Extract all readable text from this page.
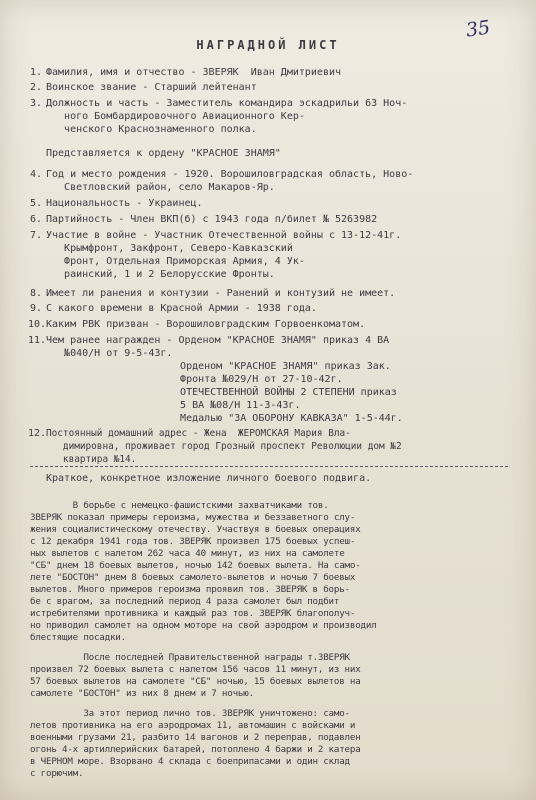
35
НАГРАДНОЙ ЛИСТ
1. Фамилия, имя и отчество - ЗВЕРЯК  Иван Дмитриевич
2. Воинское звание - Старший лейтенант
3. Должность и часть - Заместитель командира эскадрильи 63 Ноч-
ного Бомбардировочного Авиационного Кер-
ченского Краснознаменного полка.
Представляется к ордену "КРАСНОЕ ЗНАМЯ"
4. Год и место рождения - 1920. Ворошиловградская область, Ново-
Светловский район, село Макаров-Яр.
5. Национальность - Украинец.
6. Партийность - Член ВКП(б) с 1943 года п/билет № 5263982
7. Участие в войне - Участник Отечественной войны с 13-12-41г.
Крымфронт, Закфронт, Северо-Кавказский
Фронт, Отдельная Приморская Армия, 4 Ук-
раинский, 1 и 2 Белорусские Фронты.
8. Имеет ли ранения и контузии - Ранений и контузий не имеет.
9. С какого времени в Красной Армии - 1938 года.
10. Каким РВК призван - Ворошиловградским Горвоенкоматом.
11. Чем ранее награжден - Орденом "КРАСНОЕ ЗНАМЯ" приказ 4 ВА
№040/Н от 9-5-43г.
Орденом "КРАСНОЕ ЗНАМЯ" приказ Зак.
Фронта №029/Н от 27-10-42г.
ОТЕЧЕСТВЕННОЙ ВОЙНЫ 2 СТЕПЕНИ приказ
5 ВА №08/Н 11-3-43г.
Медалью "ЗА ОБОРОНУ КАВКАЗА" 1-5-44г.
12. Постоянный домашний адрес - Жена  ЖЕРОМСКАЯ Мария Вла-
димировна, проживает город Грозный проспект Революции дом №2
квартира №14.
Краткое, конкретное изложение личного боевого подвига.
В борьбе с немецко-фашистскими захватчиками тов.
ЗВЕРЯК показал примеры героизма, мужества и беззаветного слу-
жения социалистическому отечеству. Участвуя в боевых операциях
с 12 декабря 1941 года тов. ЗВЕРЯК произвел 175 боевых успеш-
ных вылетов с налетом 262 часа 40 минут, из них на самолете
"СБ" днем 18 боевых вылетов, ночью 142 боевых вылета. На само-
лете "БОСТОН" днем 8 боевых самолето-вылетов и ночью 7 боевых
вылетов. Много примеров героизма проявил тов. ЗВЕРЯК в борь-
бе с врагом, за последний период 4 раза самолет был подбит
истребителями противника и каждый раз тов. ЗВЕРЯК благополуч-
но приводил самолет на одном моторе на свой аэродром и производил
блестящие посадки.
После последней Правительственной награды т.ЗВЕРЯК
произвел 72 боевых вылета с налетом 156 часов 11 минут, из них
57 боевых вылетов на самолете "СБ" ночью, 15 боевых вылетов на
самолете "БОСТОН" из них 8 днем и 7 ночью.
За этот период лично тов. ЗВЕРЯК уничтожено: само-
летов противника на его аэродромах 11, автомашин с войсками и
военными грузами 21, разбито 14 вагонов и 2 переправ, подавлен
огонь 4-х артиллерийских батарей, потоплено 4 баржи и 2 катера
в ЧЕРНОМ море. Взорвано 4 склада с боеприпасами и один склад
с горючим.
